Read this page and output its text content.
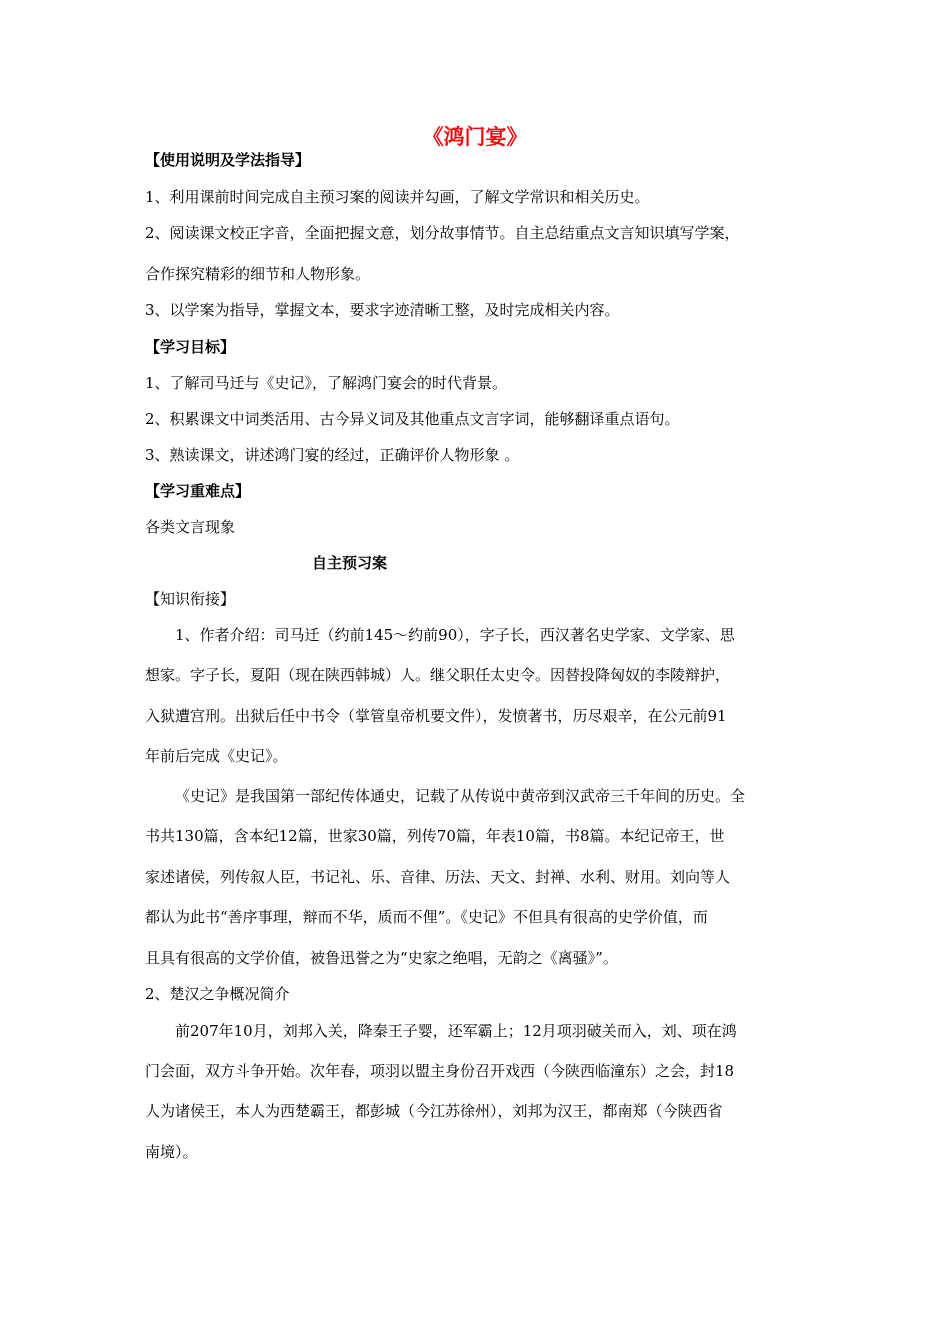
《鸿门宴》
【使用说明及学法指导】
1、利用课前时间完成自主预习案的阅读并勾画，了解文学常识和相关历史。
2、阅读课文校正字音，全面把握文意，划分故事情节。自主总结重点文言知识填写学案，
合作探究精彩的细节和人物形象。
3、以学案为指导，掌握文本，要求字迹清晰工整，及时完成相关内容。
【学习目标】
1、了解司马迁与《史记》，了解鸿门宴会的时代背景。
2、积累课文中词类活用、古今异义词及其他重点文言字词，能够翻译重点语句。
3、熟读课文，讲述鸿门宴的经过，正确评价人物形象 。
【学习重难点】
各类文言现象
自主预习案
【知识衔接】
1、作者介绍：司马迁（约前145～约前90），字子长，西汉著名史学家、文学家、思
想家。字子长，夏阳（现在陕西韩城）人。继父职任太史令。因替投降匈奴的李陵辩护，
入狱遭宫刑。出狱后任中书令（掌管皇帝机要文件），发愤著书，历尽艰辛，在公元前91
年前后完成《史记》。
《史记》是我国第一部纪传体通史，记载了从传说中黄帝到汉武帝三千年间的历史。全
书共130篇，含本纪12篇，世家30篇，列传70篇，年表10篇，书8篇。本纪记帝王，世
家述诸侯，列传叙人臣，书记礼、乐、音律、历法、天文、封禅、水利、财用。刘向等人
都认为此书“善序事理，辩而不华，质而不俚”。《史记》不但具有很高的史学价值，而
且具有很高的文学价值，被鲁迅誉之为“史家之绝唱，无韵之《离骚》”。
2、楚汉之争概况简介
前207年10月，刘邦入关，降秦王子婴，还军霸上；12月项羽破关而入，刘、项在鸿
门会面，双方斗争开始。次年春，项羽以盟主身份召开戏西（今陕西临潼东）之会，封18
人为诸侯王，本人为西楚霸王，都彭城（今江苏徐州），刘邦为汉王，都南郑（今陕西省
南境）。
